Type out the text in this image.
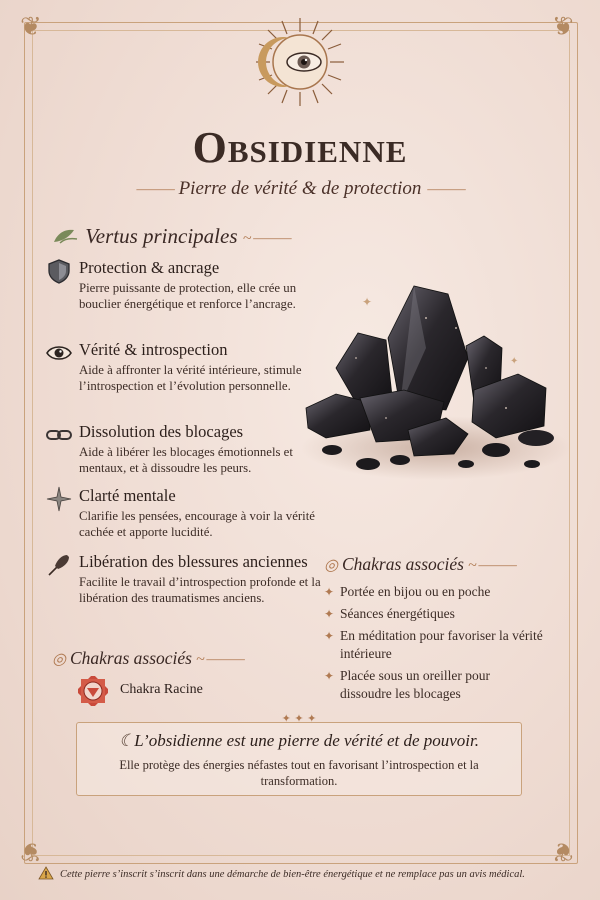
❦	❦
❦	❦
Obsidienne
⸻ Pierre de vérité & de protection ⸻
Vertus principales ~⸻
Protection & ancrage
Pierre puissante de protection, elle crée un bouclier énergétique et renforce l’ancrage.
Vérité & introspection
Aide à affronter la vérité intérieure, stimule l’introspection et l’évolution personnelle.
Dissolution des blocages
Aide à libérer les blocages émotionnels et mentaux, et à dissoudre les peurs.
Clarté mentale
Clarifie les pensées, encourage à voir la vérité cachée et apporte lucidité.
Libération des blessures anciennes
Facilite le travail d’introspection profonde et la libération des traumatismes anciens.
✦
✦
◎ Chakras associés ~⸻
✦ Portée en bijou ou en poche
✦ Séances énergétiques
✦ En méditation pour favoriser la vérité intérieure
✦ Placée sous un oreiller pour dissoudre les blocages
◎ Chakras associés ~⸻
Chakra Racine
✦ ✦ ✦
☾L’obsidienne est une pierre de vérité et de pouvoir.
Elle protège des énergies néfastes tout en favorisant l’introspection et la transformation.
Cette pierre s’inscrit s’inscrit dans une démarche de bien-être énergétique et ne remplace pas un avis médical.
